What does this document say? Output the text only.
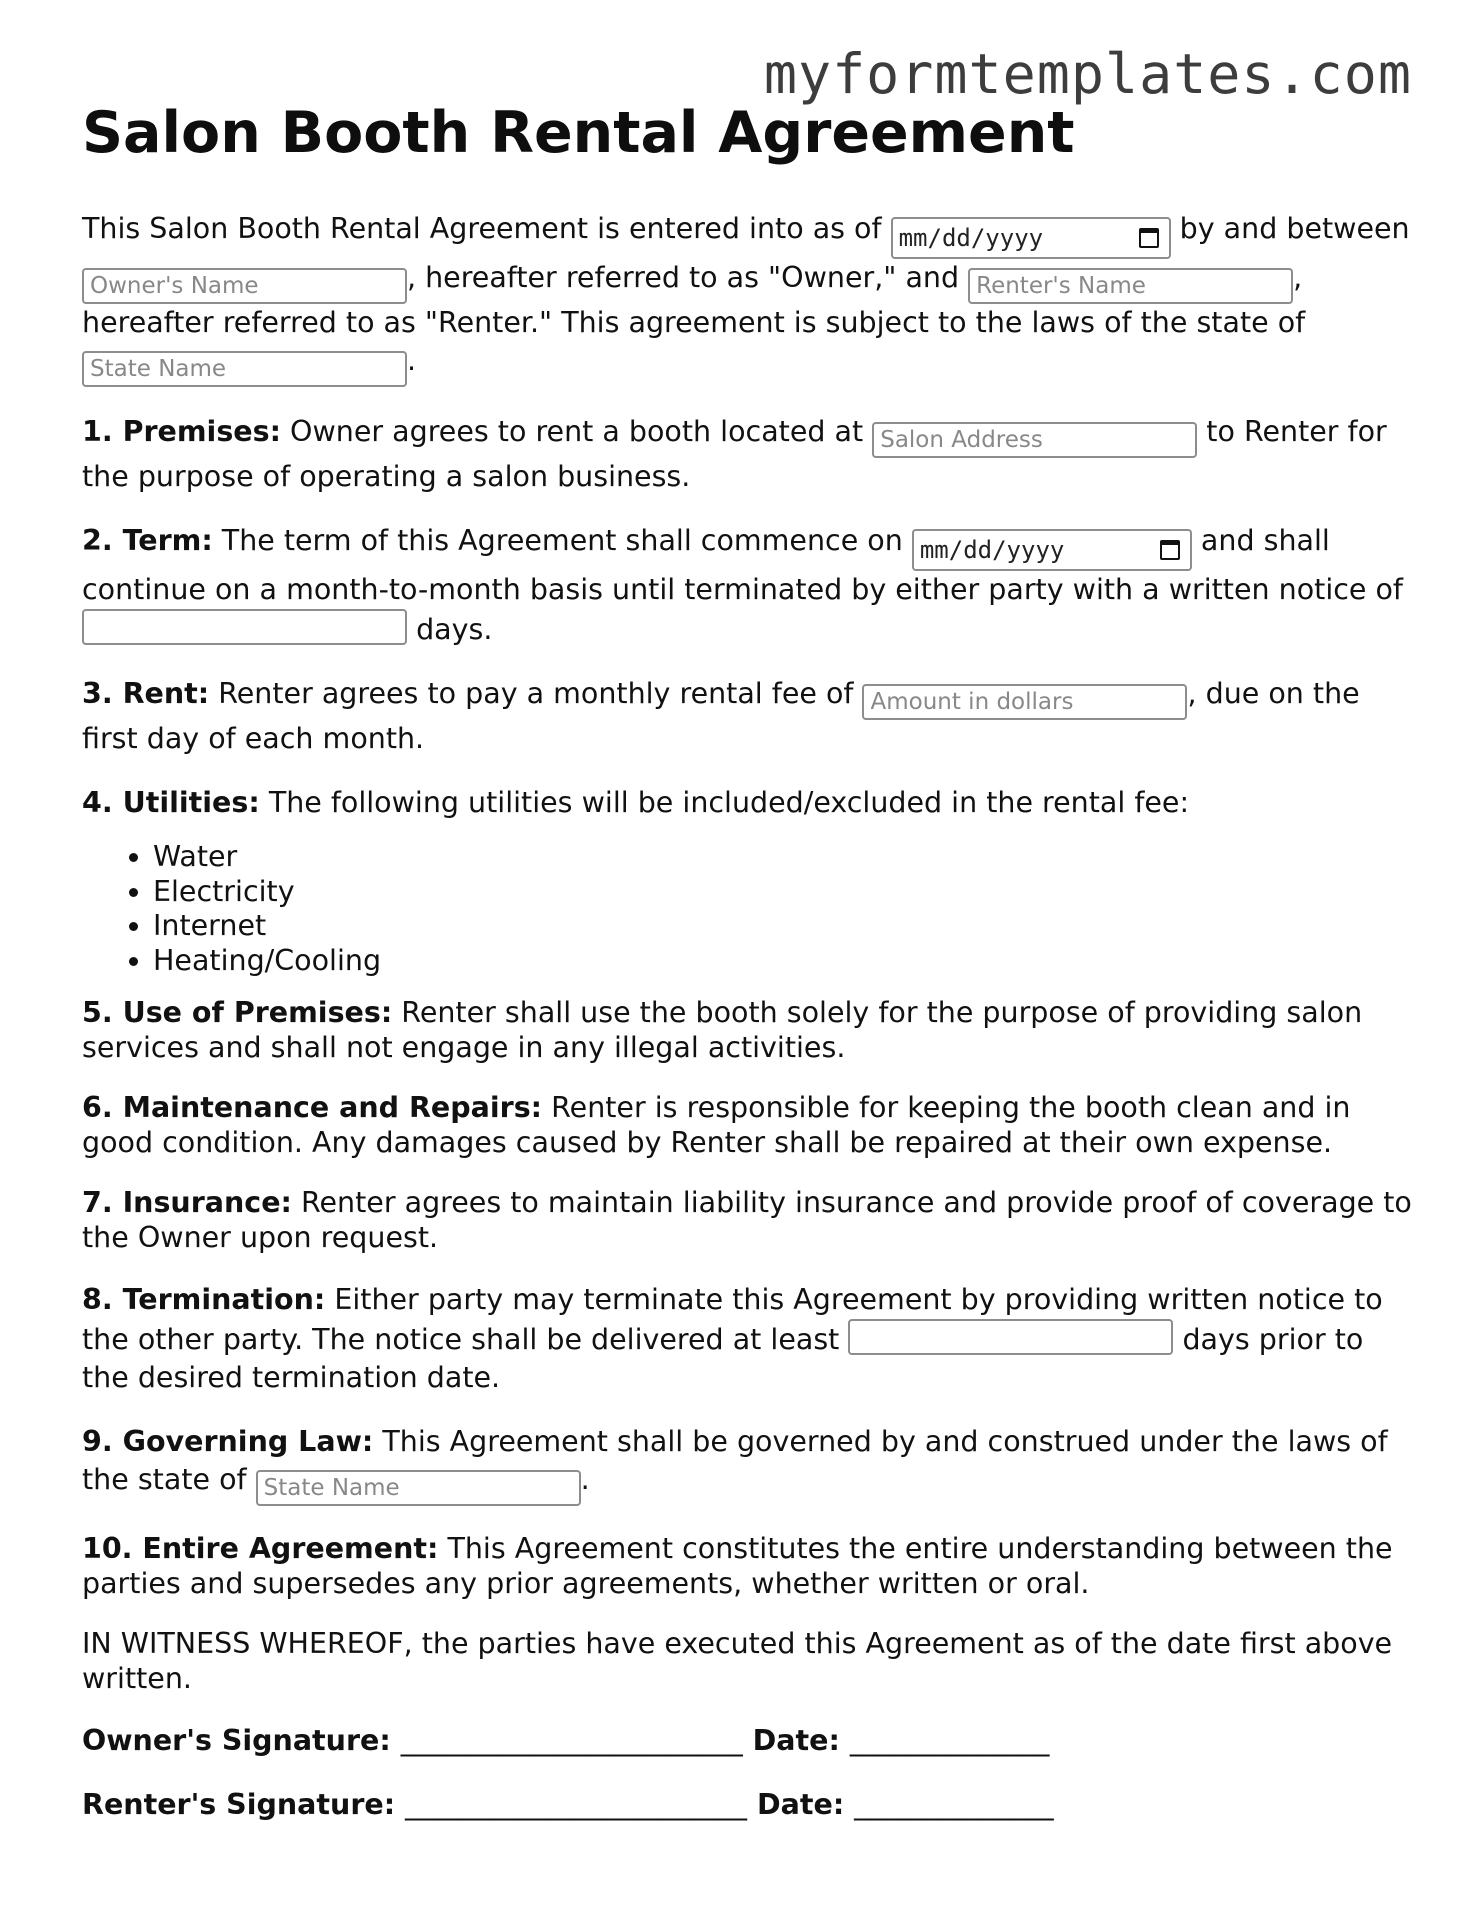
myformtemplates.com
Salon Booth Rental Agreement

This Salon Booth Rental Agreement is entered into as of mm/dd/yyyy	by and between Owner's Name	, hereafter referred to as "Owner," and Renter's Name	, hereafter referred to as "Renter." This agreement is subject to the laws of the state of State Name	.

1. Premises: Owner agrees to rent a booth located at Salon Address	to Renter for the purpose of operating a salon business.

2. Term: The term of this Agreement shall commence on mm/dd/yyyy	and shall continue on a month-to-month basis until terminated by either party with a written notice of  days.

3. Rent: Renter agrees to pay a monthly rental fee of Amount in dollars	, due on the first day of each month.

4. Utilities: The following utilities will be included/excluded in the rental fee:

• Water
• Electricity
• Internet
• Heating/Cooling

5. Use of Premises: Renter shall use the booth solely for the purpose of providing salon services and shall not engage in any illegal activities.

6. Maintenance and Repairs: Renter is responsible for keeping the booth clean and in good condition. Any damages caused by Renter shall be repaired at their own expense.

7. Insurance: Renter agrees to maintain liability insurance and provide proof of coverage to the Owner upon request.

8. Termination: Either party may terminate this Agreement by providing written notice to the other party. The notice shall be delivered at least	days prior to the desired termination date.

9. Governing Law: This Agreement shall be governed by and construed under the laws of the state of State Name	.

10. Entire Agreement: This Agreement constitutes the entire understanding between the parties and supersedes any prior agreements, whether written or oral.

IN WITNESS WHEREOF, the parties have executed this Agreement as of the date first above written.

Owner's Signature: ________________________ Date: ______________
Renter's Signature: ________________________ Date: ______________
